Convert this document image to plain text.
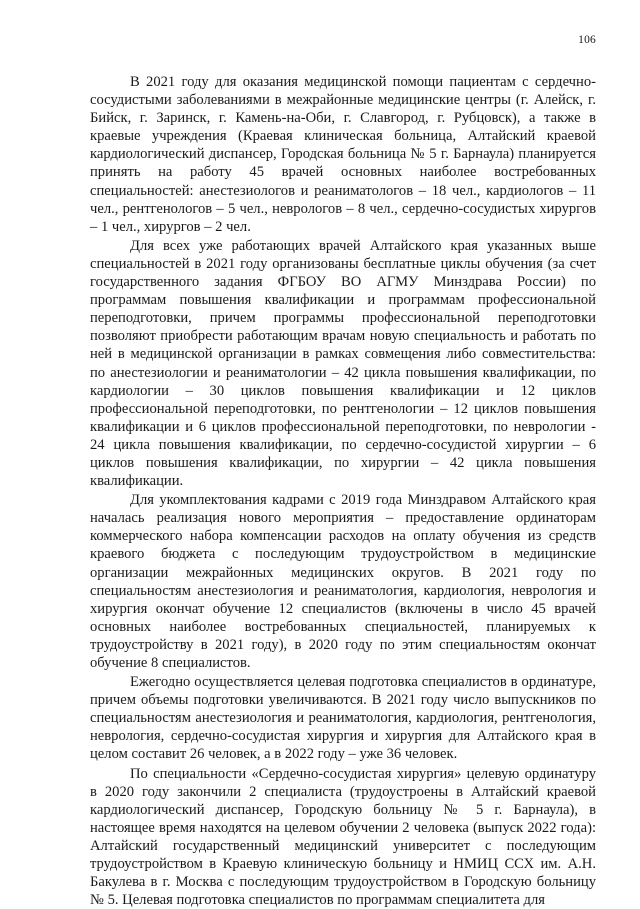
106

В 2021 году для оказания медицинской помощи пациентам с сердечно-сосудистыми заболеваниями в межрайонные медицинские центры (г. Алейск, г. Бийск, г. Заринск, г. Камень-на-Оби, г. Славгород, г. Рубцовск), а также в краевые учреждения (Краевая клиническая больница, Алтайский краевой кардиологический диспансер, Городская больница № 5 г. Барнаула) планируется принять на работу 45 врачей основных наиболее востребованных специальностей: анестезиологов и реаниматологов – 18 чел., кардиологов – 11 чел., рентгенологов – 5 чел., неврологов – 8 чел., сердечно-сосудистых хирургов – 1 чел., хирургов – 2 чел.

Для всех уже работающих врачей Алтайского края указанных выше специальностей в 2021 году организованы бесплатные циклы обучения (за счет государственного задания ФГБОУ ВО АГМУ Минздрава России) по программам повышения квалификации и программам профессиональной переподготовки, причем программы профессиональной переподготовки позволяют приобрести работающим врачам новую специальность и работать по ней в медицинской организации в рамках совмещения либо совместительства: по анестезиологии и реаниматологии – 42 цикла повышения квалификации, по кардиологии – 30 циклов повышения квалификации и 12 циклов профессиональной переподготовки, по рентгенологии – 12 циклов повышения квалификации и 6 циклов профессиональной переподготовки, по неврологии - 24 цикла повышения квалификации, по сердечно-сосудистой хирургии – 6 циклов повышения квалификации, по хирургии – 42 цикла повышения квалификации.

Для укомплектования кадрами с 2019 года Минздравом Алтайского края началась реализация нового мероприятия – предоставление ординаторам коммерческого набора компенсации расходов на оплату обучения из средств краевого бюджета с последующим трудоустройством в медицинские организации межрайонных медицинских округов. В 2021 году по специальностям анестезиология и реаниматология, кардиология, неврология и хирургия окончат обучение 12 специалистов (включены в число 45 врачей основных наиболее востребованных специальностей, планируемых к трудоустройству в 2021 году), в 2020 году по этим специальностям окончат обучение 8 специалистов.

Ежегодно осуществляется целевая подготовка специалистов в ординатуре, причем объемы подготовки увеличиваются. В 2021 году число выпускников по специальностям анестезиология и реаниматология, кардиология, рентгенология, неврология, сердечно-сосудистая хирургия и хирургия для Алтайского края в целом составит 26 человек, а в 2022 году – уже 36 человек.

По специальности «Сердечно-сосудистая хирургия» целевую ординатуру в 2020 году закончили 2 специалиста (трудоустроены в Алтайский краевой кардиологический диспансер, Городскую больницу № 5 г. Барнаула), в настоящее время находятся на целевом обучении 2 человека (выпуск 2022 года): Алтайский государственный медицинский университет с последующим трудоустройством в Краевую клиническую больницу и НМИЦ ССХ им. А.Н. Бакулева в г. Москва с последующим трудоустройством в Городскую больницу № 5. Целевая подготовка специалистов по программам специалитета для
